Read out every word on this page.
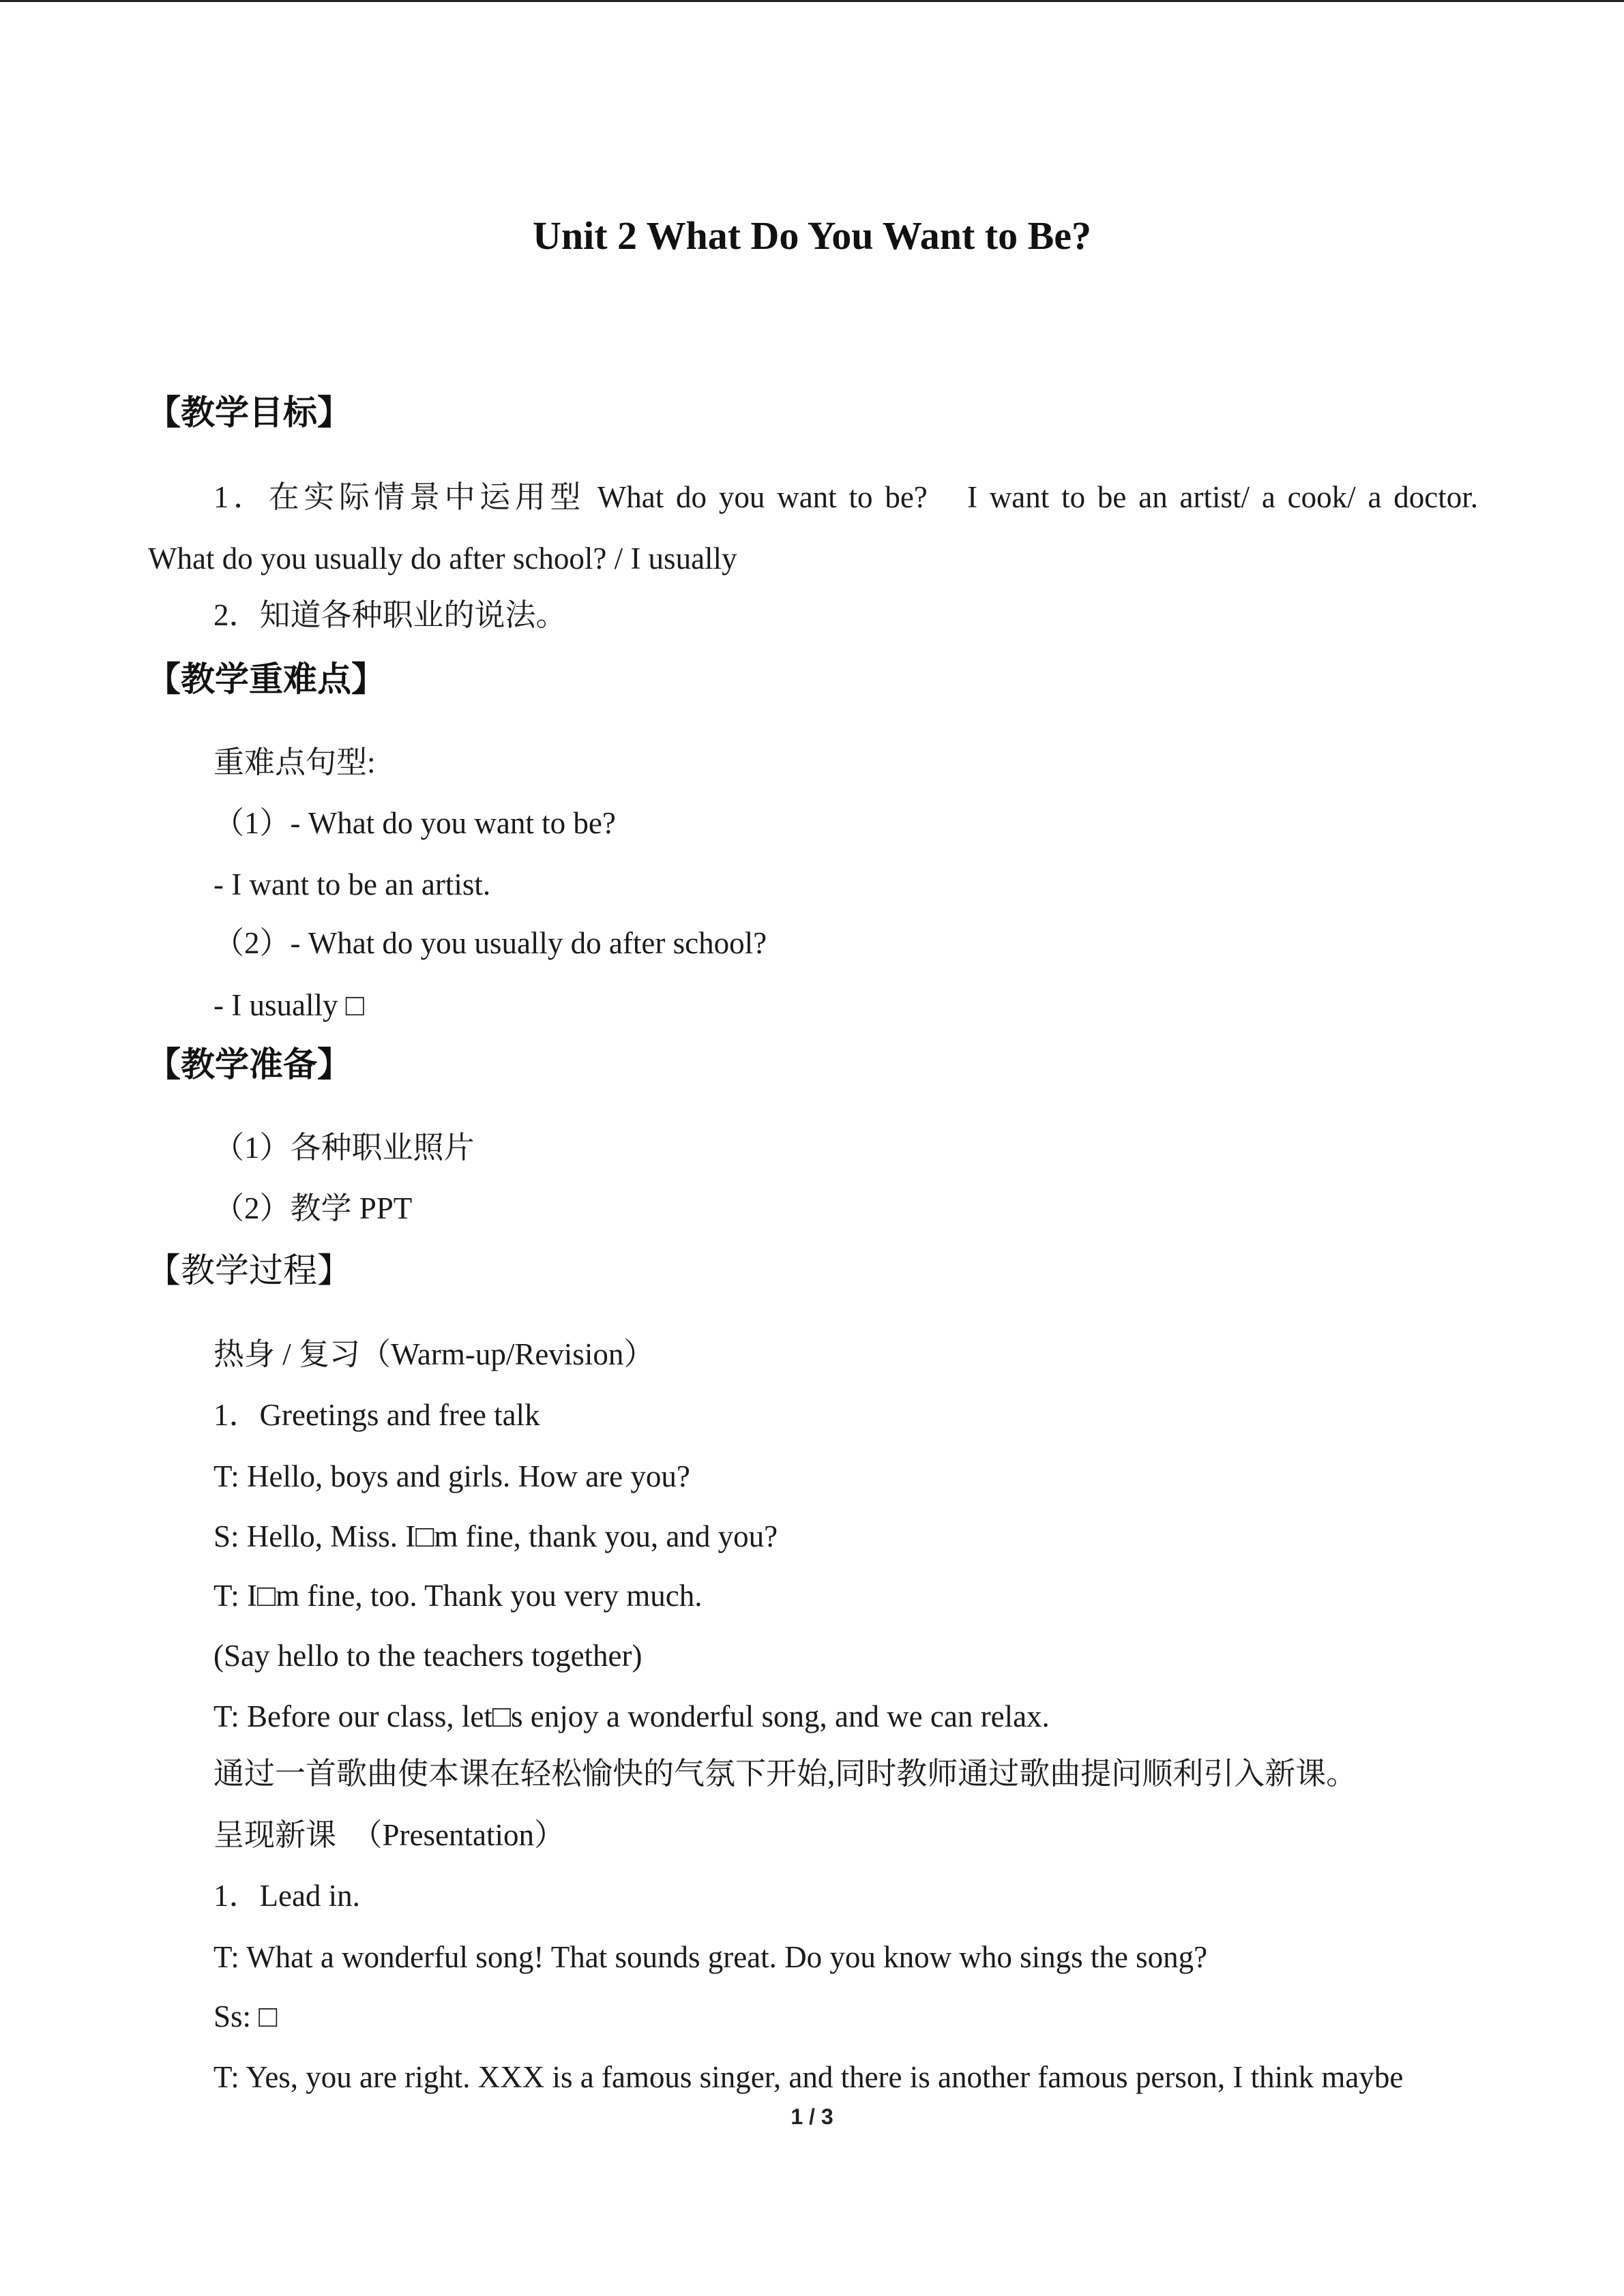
Unit 2 What Do You Want to Be?
【教学目标】
1．在实际情景中运用型 What do you want to be?　I want to be an artist/ a cook/ a doctor.
What do you usually do after school? / I usually
2．知道各种职业的说法。
【教学重难点】
重难点句型:
（1）- What do you want to be?
- I want to be an artist.
（2）- What do you usually do after school?
- I usually □
【教学准备】
（1）各种职业照片
（2）教学 PPT
【教学过程】
热身 / 复习（Warm-up/Revision）
1．Greetings and free talk
T: Hello, boys and girls. How are you?
S: Hello, Miss. I□m fine, thank you, and you?
T: I□m fine, too. Thank you very much.
(Say hello to the teachers together)
T: Before our class, let□s enjoy a wonderful song, and we can relax.
通过一首歌曲使本课在轻松愉快的气氛下开始,同时教师通过歌曲提问顺利引入新课。
呈现新课　（Presentation）
1．Lead in.
T: What a wonderful song! That sounds great. Do you know who sings the song?
Ss: □
T: Yes, you are right. XXX is a famous singer, and there is another famous person, I think maybe
1 / 3
